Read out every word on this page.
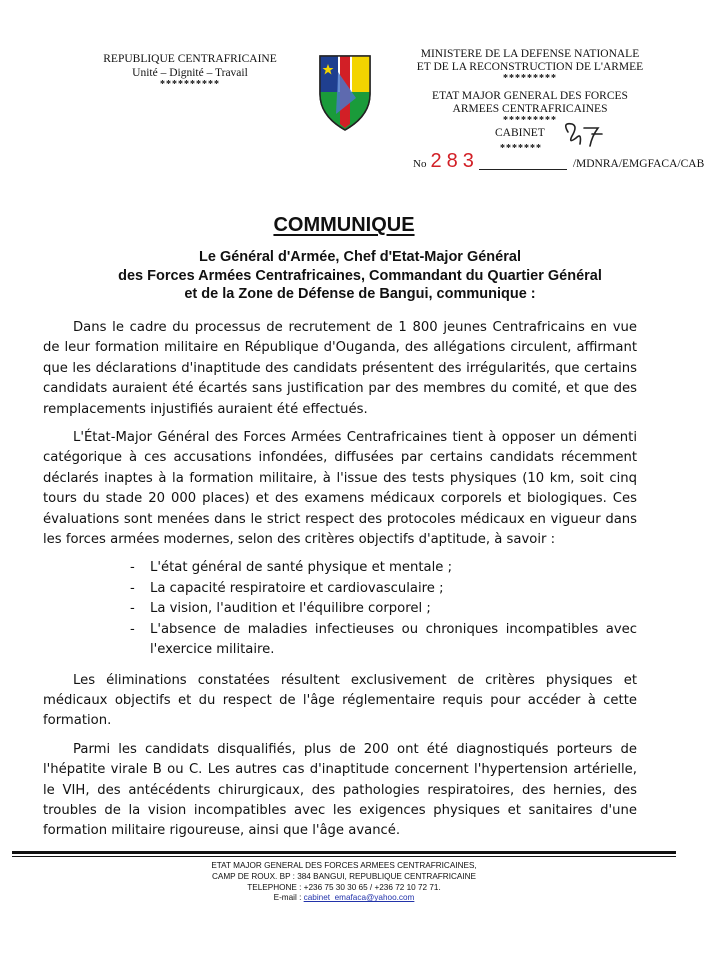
REPUBLIQUE CENTRAFRICAINE
Unité – Dignité – Travail
**********
MINISTERE DE LA DEFENSE NATIONALE
ET DE LA RECONSTRUCTION DE L'ARMEE
*********
ETAT MAJOR GENERAL DES FORCES
ARMEES CENTRAFRICAINES
*********
CABINET
*******
No 283	/MDNRA/EMGFACA/CAB
COMMUNIQUE
Le Général d'Armée, Chef d'Etat-Major Général
des Forces Armées Centrafricaines, Commandant du Quartier Général
et de la Zone de Défense de Bangui, communique :

Dans le cadre du processus de recrutement de 1 800 jeunes Centrafricains en vue de leur formation militaire en République d'Ouganda, des allégations circulent, affirmant que les déclarations d'inaptitude des candidats présentent des irrégularités, que certains candidats auraient été écartés sans justification par des membres du comité, et que des remplacements injustifiés auraient été effectués.

L'État-Major Général des Forces Armées Centrafricaines tient à opposer un démenti catégorique à ces accusations infondées, diffusées par certains candidats récemment déclarés inaptes à la formation militaire, à l'issue des tests physiques (10 km, soit cinq tours du stade 20 000 places) et des examens médicaux corporels et biologiques. Ces évaluations sont menées dans le strict respect des protocoles médicaux en vigueur dans les forces armées modernes, selon des critères objectifs d'aptitude, à savoir :

- L'état général de santé physique et mentale ;
- La capacité respiratoire et cardiovasculaire ;
- La vision, l'audition et l'équilibre corporel ;
- L'absence de maladies infectieuses ou chroniques incompatibles avec l'exercice militaire.

Les éliminations constatées résultent exclusivement de critères physiques et médicaux objectifs et du respect de l'âge réglementaire requis pour accéder à cette formation.

Parmi les candidats disqualifiés, plus de 200 ont été diagnostiqués porteurs de l'hépatite virale B ou C. Les autres cas d'inaptitude concernent l'hypertension artérielle, le VIH, des antécédents chirurgicaux, des pathologies respiratoires, des hernies, des troubles de la vision incompatibles avec les exigences physiques et sanitaires d'une formation militaire rigoureuse, ainsi que l'âge avancé.

ETAT MAJOR GENERAL DES FORCES ARMEES CENTRAFRICAINES,
CAMP DE ROUX. BP : 384 BANGUI, REPUBLIQUE CENTRAFRICAINE
TELEPHONE : +236 75 30 30 65 / +236 72 10 72 71.
E-mail : cabinet_emafaca@yahoo.com
